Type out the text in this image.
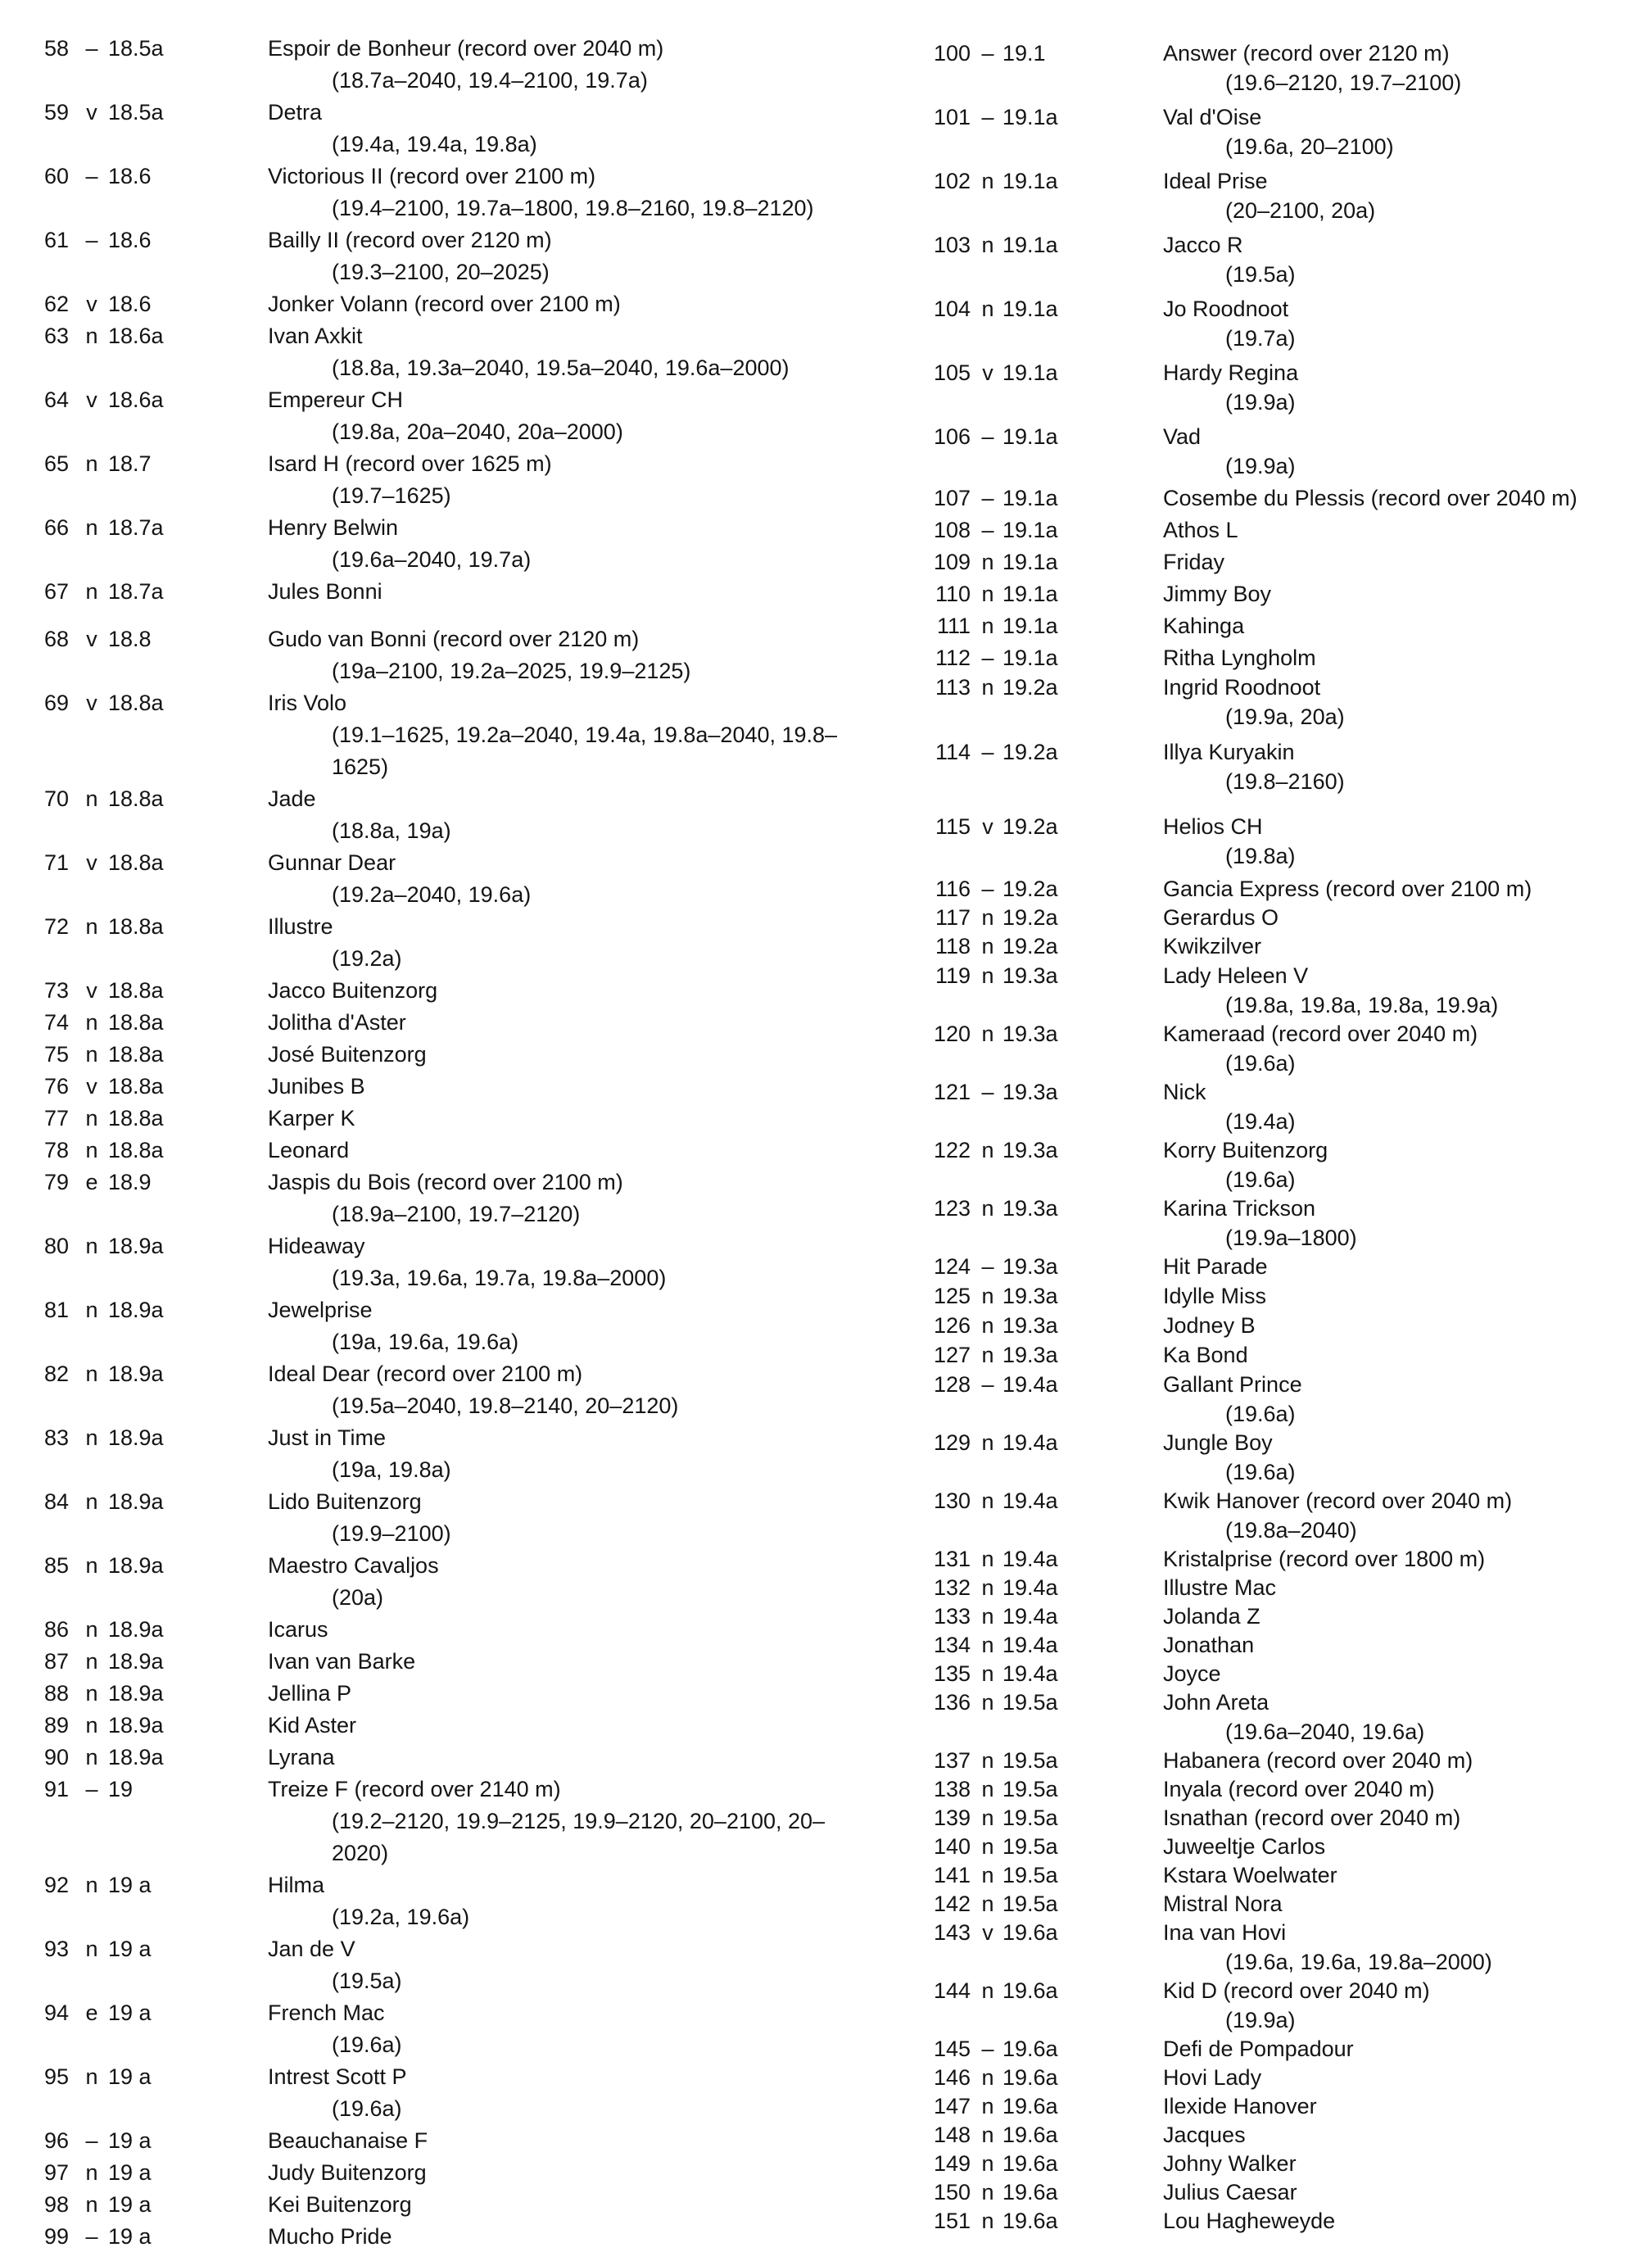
58 – 18.5a	Espoir de Bonheur (record over 2040 m)
(18.7a–2040, 19.4–2100, 19.7a)
59 v 18.5a	Detra
(19.4a, 19.4a, 19.8a)
60 – 18.6	Victorious II (record over 2100 m)
(19.4–2100, 19.7a–1800, 19.8–2160, 19.8–2120)
61 – 18.6	Bailly II (record over 2120 m)
(19.3–2100, 20–2025)
62 v 18.6	Jonker Volann (record over 2100 m)
63 n 18.6a	Ivan Axkit
(18.8a, 19.3a–2040, 19.5a–2040, 19.6a–2000)
64 v 18.6a	Empereur CH
(19.8a, 20a–2040, 20a–2000)
65 n 18.7	Isard H (record over 1625 m)
(19.7–1625)
66 n 18.7a	Henry Belwin
(19.6a–2040, 19.7a)
67 n 18.7a	Jules Bonni
68 v 18.8	Gudo van Bonni (record over 2120 m)
(19a–2100, 19.2a–2025, 19.9–2125)
69 v 18.8a	Iris Volo
(19.1–1625, 19.2a–2040, 19.4a, 19.8a–2040, 19.8–
1625)
70 n 18.8a	Jade
(18.8a, 19a)
71 v 18.8a	Gunnar Dear
(19.2a–2040, 19.6a)
72 n 18.8a	Illustre
(19.2a)
73 v 18.8a	Jacco Buitenzorg
74 n 18.8a	Jolitha d'Aster
75 n 18.8a	José Buitenzorg
76 v 18.8a	Junibes B
77 n 18.8a	Karper K
78 n 18.8a	Leonard
79 e 18.9	Jaspis du Bois (record over 2100 m)
(18.9a–2100, 19.7–2120)
80 n 18.9a	Hideaway
(19.3a, 19.6a, 19.7a, 19.8a–2000)
81 n 18.9a	Jewelprise
(19a, 19.6a, 19.6a)
82 n 18.9a	Ideal Dear (record over 2100 m)
(19.5a–2040, 19.8–2140, 20–2120)
83 n 18.9a	Just in Time
(19a, 19.8a)
84 n 18.9a	Lido Buitenzorg
(19.9–2100)
85 n 18.9a	Maestro Cavaljos
(20a)
86 n 18.9a	Icarus
87 n 18.9a	Ivan van Barke
88 n 18.9a	Jellina P
89 n 18.9a	Kid Aster
90 n 18.9a	Lyrana
91 – 19	Treize F (record over 2140 m)
(19.2–2120, 19.9–2125, 19.9–2120, 20–2100, 20–
2020)
92 n 19 a	Hilma
(19.2a, 19.6a)
93 n 19 a	Jan de V
(19.5a)
94 e 19 a	French Mac
(19.6a)
95 n 19 a	Intrest Scott P
(19.6a)
96 – 19 a	Beauchanaise F
97 n 19 a	Judy Buitenzorg
98 n 19 a	Kei Buitenzorg
99 – 19 a	Mucho Pride
100 – 19.1	Answer (record over 2120 m)
(19.6–2120, 19.7–2100)
101 – 19.1a	Val d'Oise
(19.6a, 20–2100)
102 n 19.1a	Ideal Prise
(20–2100, 20a)
103 n 19.1a	Jacco R
(19.5a)
104 n 19.1a	Jo Roodnoot
(19.7a)
105 v 19.1a	Hardy Regina
(19.9a)
106 – 19.1a	Vad
(19.9a)
107 – 19.1a	Cosembe du Plessis (record over 2040 m)
108 – 19.1a	Athos L
109 n 19.1a	Friday
110 n 19.1a	Jimmy Boy
111 n 19.1a	Kahinga
112 – 19.1a	Ritha Lyngholm
113 n 19.2a	Ingrid Roodnoot
(19.9a, 20a)
114 – 19.2a	Illya Kuryakin
(19.8–2160)
115 v 19.2a	Helios CH
(19.8a)
116 – 19.2a	Gancia Express (record over 2100 m)
117 n 19.2a	Gerardus O
118 n 19.2a	Kwikzilver
119 n 19.3a	Lady Heleen V
(19.8a, 19.8a, 19.8a, 19.9a)
120 n 19.3a	Kameraad (record over 2040 m)
(19.6a)
121 – 19.3a	Nick
(19.4a)
122 n 19.3a	Korry Buitenzorg
(19.6a)
123 n 19.3a	Karina Trickson
(19.9a–1800)
124 – 19.3a	Hit Parade
125 n 19.3a	Idylle Miss
126 n 19.3a	Jodney B
127 n 19.3a	Ka Bond
128 – 19.4a	Gallant Prince
(19.6a)
129 n 19.4a	Jungle Boy
(19.6a)
130 n 19.4a	Kwik Hanover (record over 2040 m)
(19.8a–2040)
131 n 19.4a	Kristalprise (record over 1800 m)
132 n 19.4a	Illustre Mac
133 n 19.4a	Jolanda Z
134 n 19.4a	Jonathan
135 n 19.4a	Joyce
136 n 19.5a	John Areta
(19.6a–2040, 19.6a)
137 n 19.5a	Habanera (record over 2040 m)
138 n 19.5a	Inyala (record over 2040 m)
139 n 19.5a	Isnathan (record over 2040 m)
140 n 19.5a	Juweeltje Carlos
141 n 19.5a	Kstara Woelwater
142 n 19.5a	Mistral Nora
143 v 19.6a	Ina van Hovi
(19.6a, 19.6a, 19.8a–2000)
144 n 19.6a	Kid D (record over 2040 m)
(19.9a)
145 – 19.6a	Defi de Pompadour
146 n 19.6a	Hovi Lady
147 n 19.6a	Ilexide Hanover
148 n 19.6a	Jacques
149 n 19.6a	Johny Walker
150 n 19.6a	Julius Caesar
151 n 19.6a	Lou Hagheweyde
